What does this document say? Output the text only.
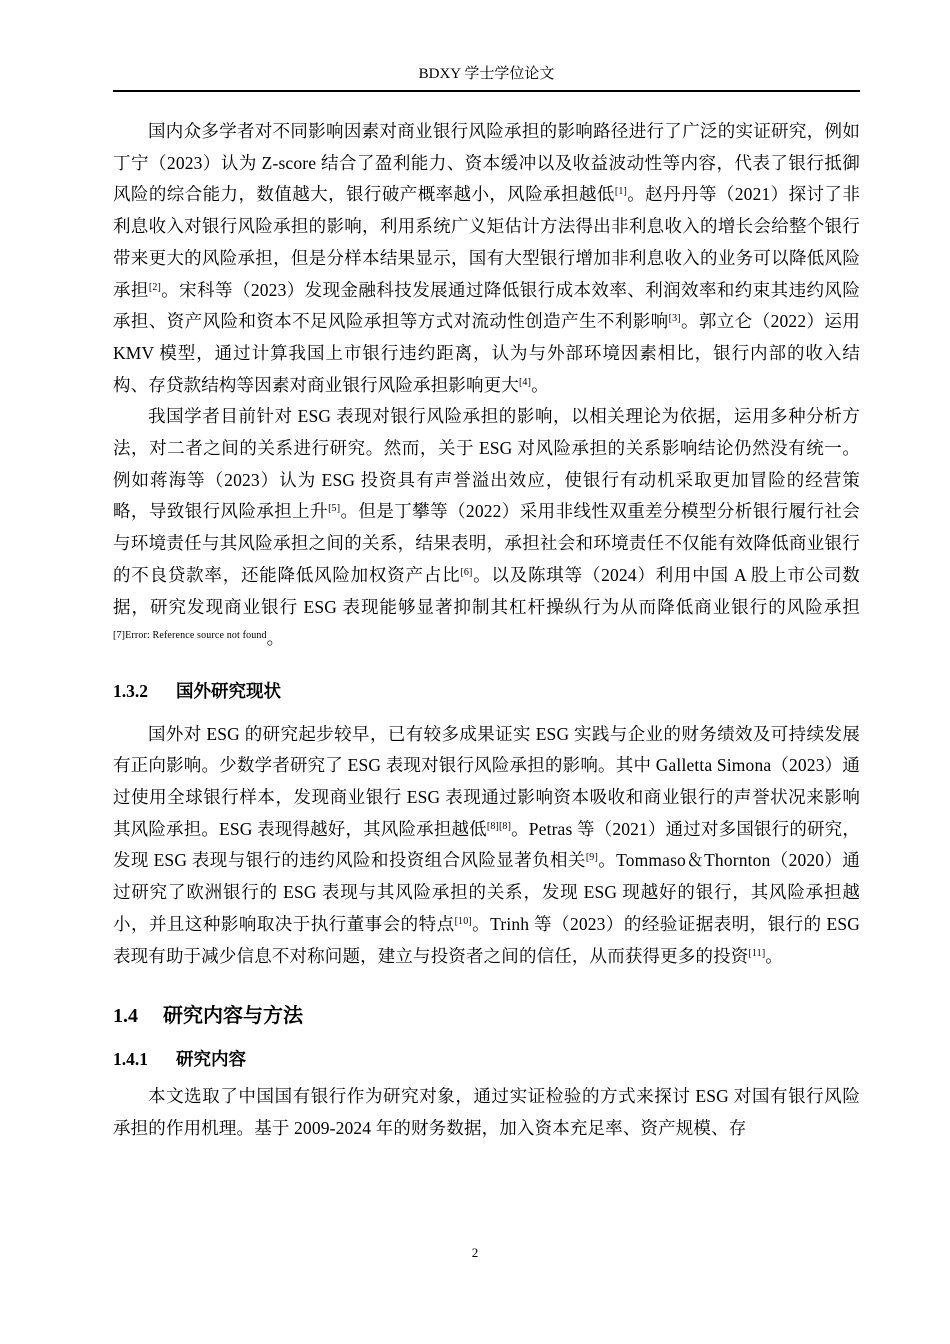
BDXY 学士学位论文

国内众多学者对不同影响因素对商业银行风险承担的影响路径进行了广泛的实证研究，例如丁宁（2023）认为 Z-score 结合了盈利能力、资本缓冲以及收益波动性等内容，代表了银行抵御风险的综合能力，数值越大，银行破产概率越小，风险承担越低[1]。赵丹丹等（2021）探讨了非利息收入对银行风险承担的影响，利用系统广义矩估计方法得出非利息收入的增长会给整个银行带来更大的风险承担，但是分样本结果显示，国有大型银行增加非利息收入的业务可以降低风险承担[2]。宋科等（2023）发现金融科技发展通过降低银行成本效率、利润效率和约束其违约风险承担、资产风险和资本不足风险承担等方式对流动性创造产生不利影响[3]。郭立仑（2022）运用 KMV 模型，通过计算我国上市银行违约距离，认为与外部环境因素相比，银行内部的收入结构、存贷款结构等因素对商业银行风险承担影响更大[4]。

我国学者目前针对 ESG 表现对银行风险承担的影响，以相关理论为依据，运用多种分析方法，对二者之间的关系进行研究。然而，关于 ESG 对风险承担的关系影响结论仍然没有统一。例如蒋海等（2023）认为 ESG 投资具有声誉溢出效应，使银行有动机采取更加冒险的经营策略，导致银行风险承担上升[5]。但是丁攀等（2022）采用非线性双重差分模型分析银行履行社会与环境责任与其风险承担之间的关系，结果表明，承担社会和环境责任不仅能有效降低商业银行的不良贷款率，还能降低风险加权资产占比[6]。以及陈琪等（2024）利用中国 A 股上市公司数据，研究发现商业银行 ESG 表现能够显著抑制其杠杆操纵行为从而降低商业银行的风险承担$^{[7]Error: Reference source not found}$。

1.3.2 国外研究现状

国外对 ESG 的研究起步较早，已有较多成果证实 ESG 实践与企业的财务绩效及可持续发展有正向影响。少数学者研究了 ESG 表现对银行风险承担的影响。其中 Galletta Simona（2023）通过使用全球银行样本，发现商业银行 ESG 表现通过影响资本吸收和商业银行的声誉状况来影响其风险承担。ESG 表现得越好，其风险承担越低[8][8]。Petras 等（2021）通过对多国银行的研究，发现 ESG 表现与银行的违约风险和投资组合风险显著负相关[9]。Tommaso＆Thornton（2020）通过研究了欧洲银行的 ESG 表现与其风险承担的关系，发现 ESG 现越好的银行，其风险承担越小，并且这种影响取决于执行董事会的特点[10]。Trinh 等（2023）的经验证据表明，银行的 ESG 表现有助于减少信息不对称问题，建立与投资者之间的信任，从而获得更多的投资[11]。

1.4 研究内容与方法
1.4.1 研究内容

本文选取了中国国有银行作为研究对象，通过实证检验的方式来探讨 ESG 对国有银行风险承担的作用机理。基于 2009-2024 年的财务数据，加入资本充足率、资产规模、存

2
